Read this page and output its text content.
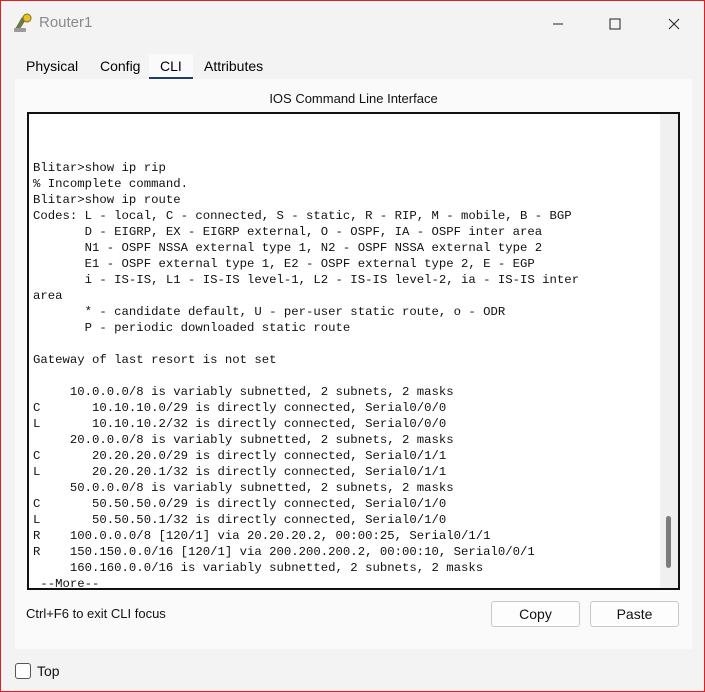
Router1
Physical	Config	CLI	Attributes
IOS Command Line Interface
Blitar>show ip rip
% Incomplete command.
Blitar>show ip route
Codes: L - local, C - connected, S - static, R - RIP, M - mobile, B - BGP
D - EIGRP, EX - EIGRP external, O - OSPF, IA - OSPF inter area
N1 - OSPF NSSA external type 1, N2 - OSPF NSSA external type 2
E1 - OSPF external type 1, E2 - OSPF external type 2, E - EGP
i - IS-IS, L1 - IS-IS level-1, L2 - IS-IS level-2, ia - IS-IS inter
area
* - candidate default, U - per-user static route, o - ODR
P - periodic downloaded static route

Gateway of last resort is not set

10.0.0.0/8 is variably subnetted, 2 subnets, 2 masks
C       10.10.10.0/29 is directly connected, Serial0/0/0
L       10.10.10.2/32 is directly connected, Serial0/0/0
20.0.0.0/8 is variably subnetted, 2 subnets, 2 masks
C       20.20.20.0/29 is directly connected, Serial0/1/1
L       20.20.20.1/32 is directly connected, Serial0/1/1
50.0.0.0/8 is variably subnetted, 2 subnets, 2 masks
C       50.50.50.0/29 is directly connected, Serial0/1/0
L       50.50.50.1/32 is directly connected, Serial0/1/0
R    100.0.0.0/8 [120/1] via 20.20.20.2, 00:00:25, Serial0/1/1
R    150.150.0.0/16 [120/1] via 200.200.200.2, 00:00:10, Serial0/0/1
160.160.0.0/16 is variably subnetted, 2 subnets, 2 masks
--More--

Ctrl+F6 to exit CLI focus	Copy	Paste
Top
